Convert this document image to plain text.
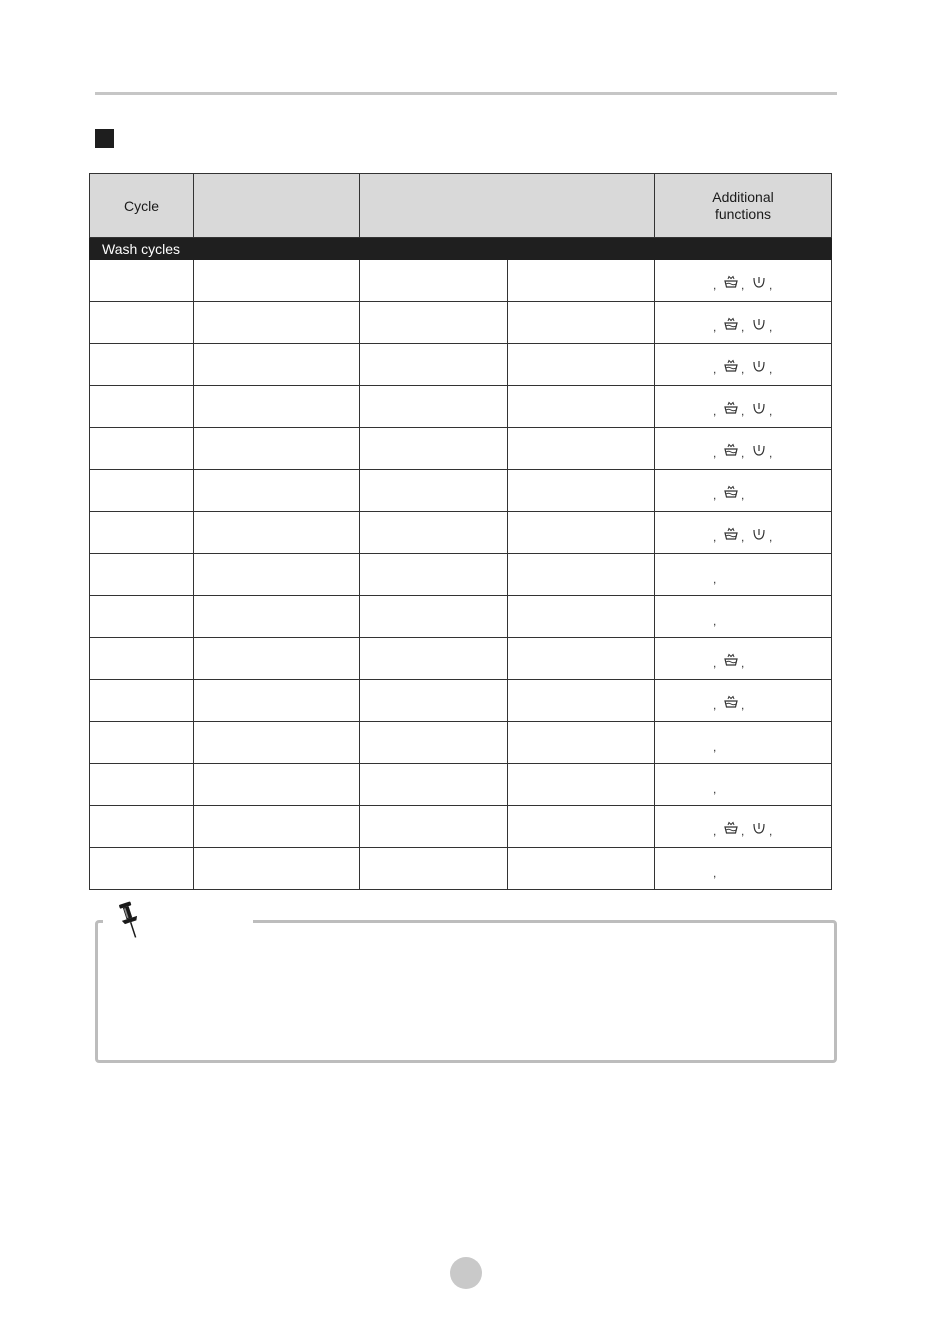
Cycle				Additional
functions
Wash cycles				

				, , ,

				, , ,

				, , ,

				, , ,

				, , ,

				, ,

				, , ,

				,

				,

				, ,

				, ,

				,

				,

				, , ,

				,
